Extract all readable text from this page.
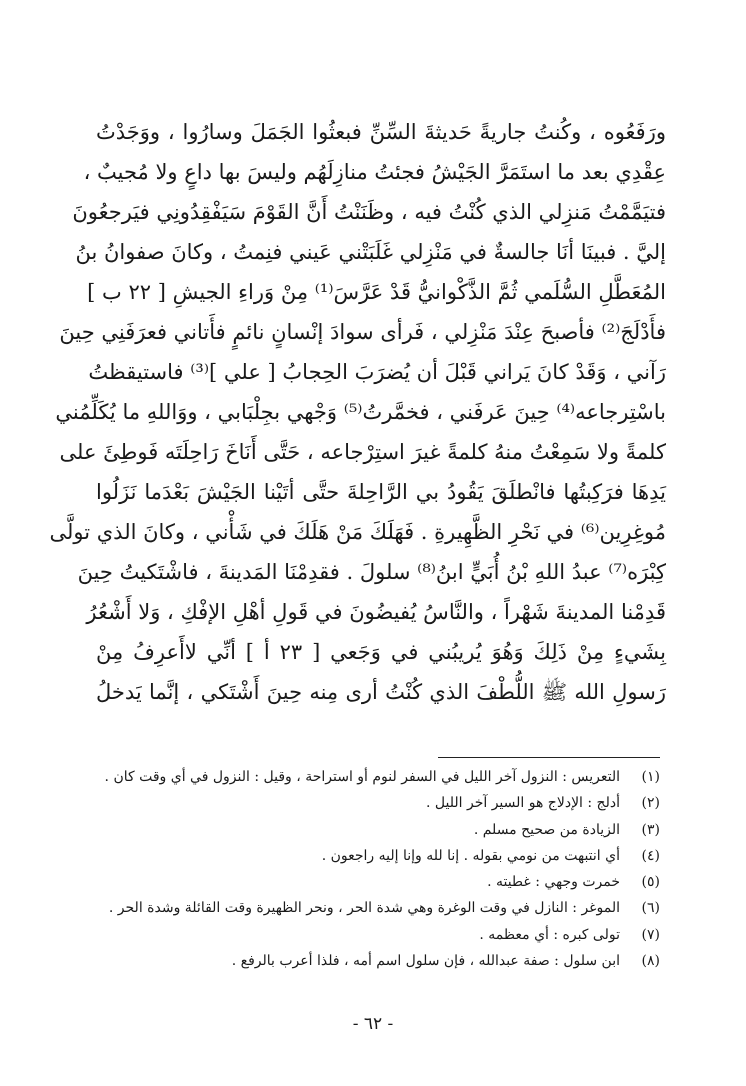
ورَفَعُوه ، وكُنتُ جاريةً حَديثةَ السِّنِّ فبعثُوا الجَمَلَ وسارُوا ، ووَجَدْتُ
عِقْدِي بعد ما استَمَرَّ الجَيْشُ فجئتُ منازِلَهُم وليسَ بها داعٍ ولا مُجيبٌ ،
فتيَمَّمْتُ مَنزِلي الذي كُنْتُ فيه ، وظَنَنْتُ أَنَّ القَوْمَ سَيَفْقِدُونِي فيَرجعُونَ
إليَّ . فبينَا أنَا جالسةٌ في مَنْزِلي غَلَبَتْني عَيني فنِمتُ ، وكانَ صفوانُ بنُ
المُعَطَّلِ السُّلَمي ثُمَّ الذَّكْوانيُّ قَدْ عَرَّسَ⁽¹⁾ مِنْ وَراءِ الجيشِ [ ٢٢ ب ]
فأَدْلَجَ⁽²⁾ فأصبحَ عِنْدَ مَنْزِلي ، فَرأى سوادَ إنْسانٍ نائمٍ فأَتاني فعرَفَنِي حِينَ
رَآني ، وَقَدْ كانَ يَراني قَبْلَ أن يُضرَبَ الحِجابُ [ علي ]⁽³⁾ فاستيقظتُ
باسْتِرجاعه⁽⁴⁾ حِينَ عَرفَني ، فخمَّرتُ⁽⁵⁾ وَجْهي بجِلْبَابي ، ووَاللهِ ما يُكَلِّمُني
كلمةً ولا سَمِعْتُ منهُ كلمةً غيرَ استِرْجاعه ، حَتَّى أَنَاخَ رَاحِلَتَه فَوطِئَ على
يَدِهَا فرَكِبتُها فانْطلَقَ يَقُودُ بي الرَّاحِلةَ حتَّى أتَيْنا الجَيْشَ بَعْدَما نَزَلُوا
مُوغِرِين⁽⁶⁾ في نَحْرِ الظَّهِيرةِ . فَهَلَكَ مَنْ هَلَكَ في شَأْني ، وكانَ الذي تولَّى
كِبْرَه⁽⁷⁾ عبدُ اللهِ بْنُ أُبَيٍّ ابنُ⁽⁸⁾ سلولَ . فقدِمْنَا المَدينةَ ، فاشْتَكيتُ حِينَ
قَدِمْنا المدينةَ شَهْراً ، والنَّاسُ يُفيضُونَ في قَولِ أهْلِ الإفْكِ ، وَلا أَشْعُرُ
بِشَيءٍ مِنْ ذَلِكَ وَهُوَ يُريبُني في وَجَعي [ ٢٣ أ ] أنِّي لاأَعرِفُ مِنْ
رَسولِ الله ﷺ اللُّطْفَ الذي كُنْتُ أرى مِنه حِينَ أَشْتَكي ، إنَّما يَدخلُ
(١)
التعريس : النزول آخر الليل في السفر لنوم أو استراحة ، وقيل : النزول في أي وقت كان .
(٢)
أدلج : الإدلاج هو السير آخر الليل .
(٣)
الزيادة من صحيح مسلم .
(٤)
أي انتبهت من نومي بقوله . إنا لله وإنا إليه راجعون .
(٥)
خمرت وجهي : غطيته .
(٦)
الموغر : النازل في وقت الوغرة وهي شدة الحر ، ونحر الظهيرة وقت القائلة وشدة الحر .
(٧)
تولى كبره : أي معظمه .
(٨)
ابن سلول : صفة عبدالله ، فإن سلول اسم أمه ، فلذا أعرب بالرفع .
- ٦٢ -
